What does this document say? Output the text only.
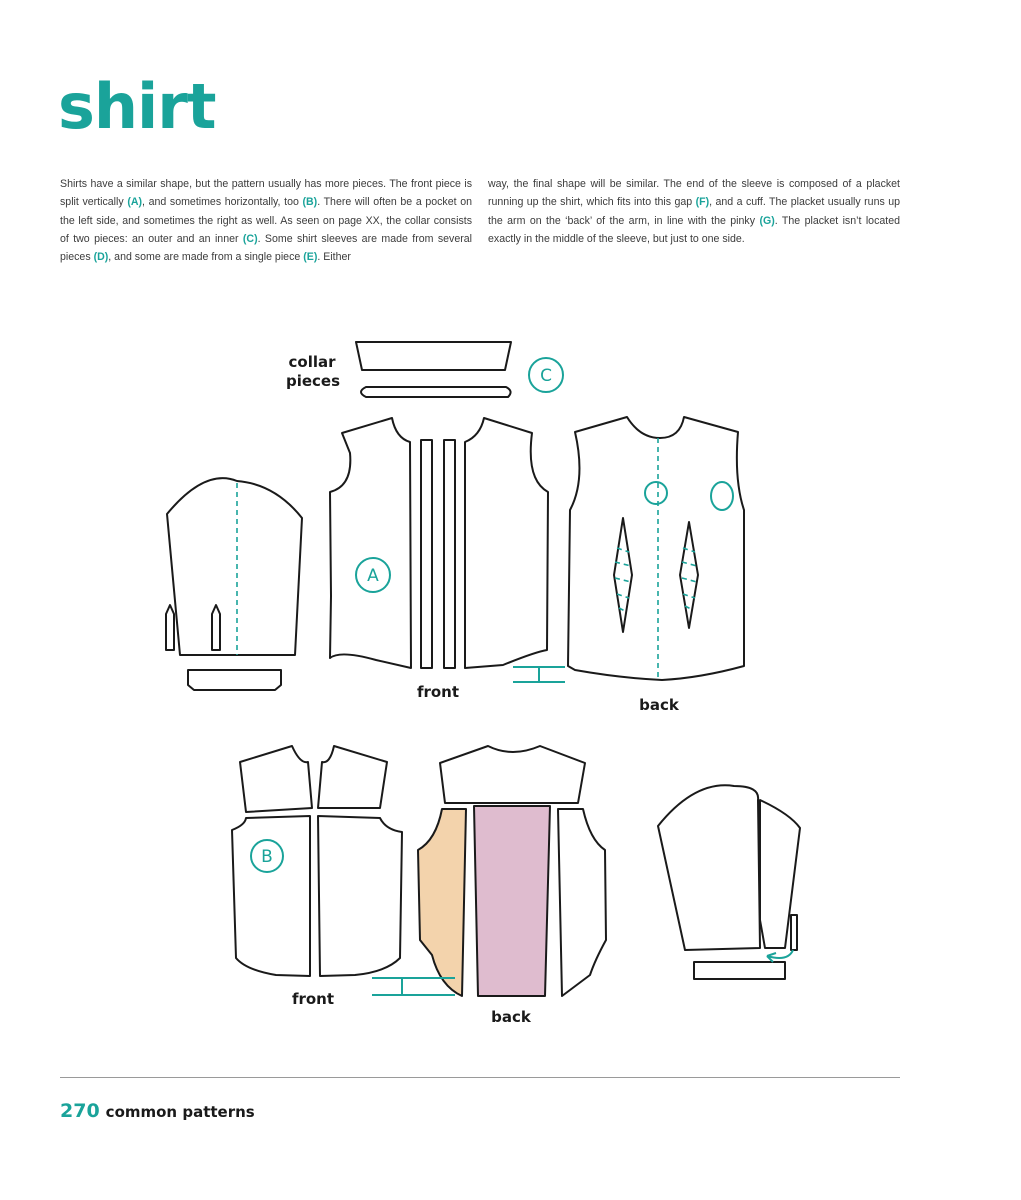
shirt
Shirts have a similar shape, but the pattern usually has more pieces. The front piece is split vertically (A), and sometimes horizontally, too (B). There will often be a pocket on the left side, and sometimes the right as well. As seen on page XX, the collar consists of two pieces: an outer and an inner (C). Some shirt sleeves are made from several pieces (D), and some are made from a single piece (E). Either
way, the final shape will be similar. The end of the sleeve is composed of a placket running up the shirt, which fits into this gap (F), and a cuff. The placket usually runs up the arm on the ‘back’ of the arm, in line with the pinky (G). The placket isn’t located exactly in the middle of the sleeve, but just to one side.
collar
pieces	C
A
front
back
B
front
back
270 common patterns
